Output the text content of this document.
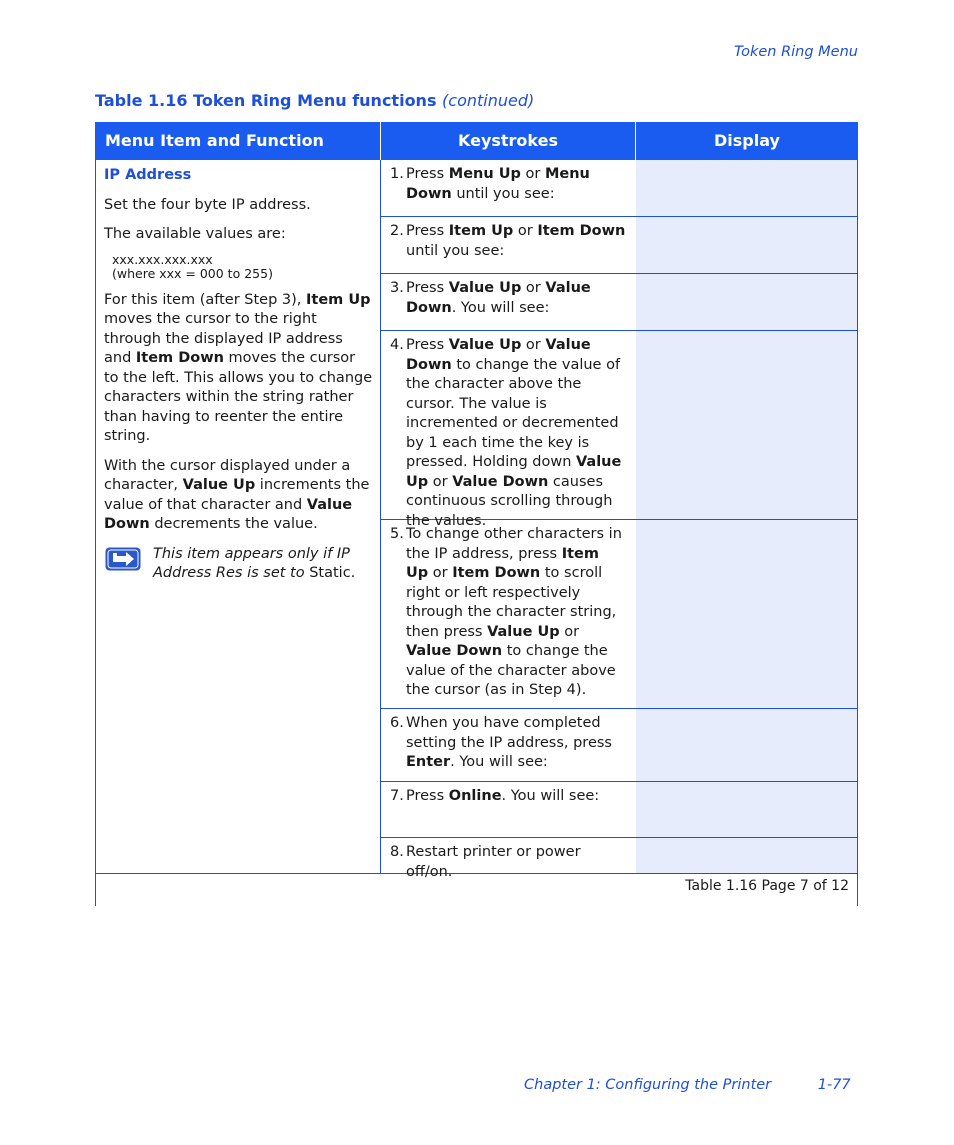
Token Ring Menu
Table 1.16 Token Ring Menu functions (continued)
Menu Item and Function	Keystrokes	Display

IP Address

Set the four byte IP address.

The available values are:

xxx.xxx.xxx.xxx
(where xxx = 000 to 255)

For this item (after Step 3), Item Up moves the cursor to the right through the displayed IP address and Item Down moves the cursor to the left. This allows you to change characters within the string rather than having to reenter the entire string.

With the cursor displayed under a character, Value Up increments the value of that character and Value Down decrements the value.

This item appears only if IP Address Res is set to Static.
1. Press Menu Up or Menu Down until you see:
2. Press Item Up or Item Down until you see:
3. Press Value Up or Value Down. You will see:
4. Press Value Up or Value Down to change the value of the character above the cursor. The value is incremented or decremented by 1 each time the key is pressed. Holding down Value Up or Value Down causes continuous scrolling through the values.
5. To change other characters in the IP address, press Item Up or Item Down to scroll right or left respectively through the character string, then press Value Up or Value Down to change the value of the character above the cursor (as in Step 4).
6. When you have completed setting the IP address, press Enter. You will see:
7. Press Online. You will see:
8. Restart printer or power off/on.
Table 1.16 Page 7 of 12
Chapter 1: Configuring the Printer	1-77
